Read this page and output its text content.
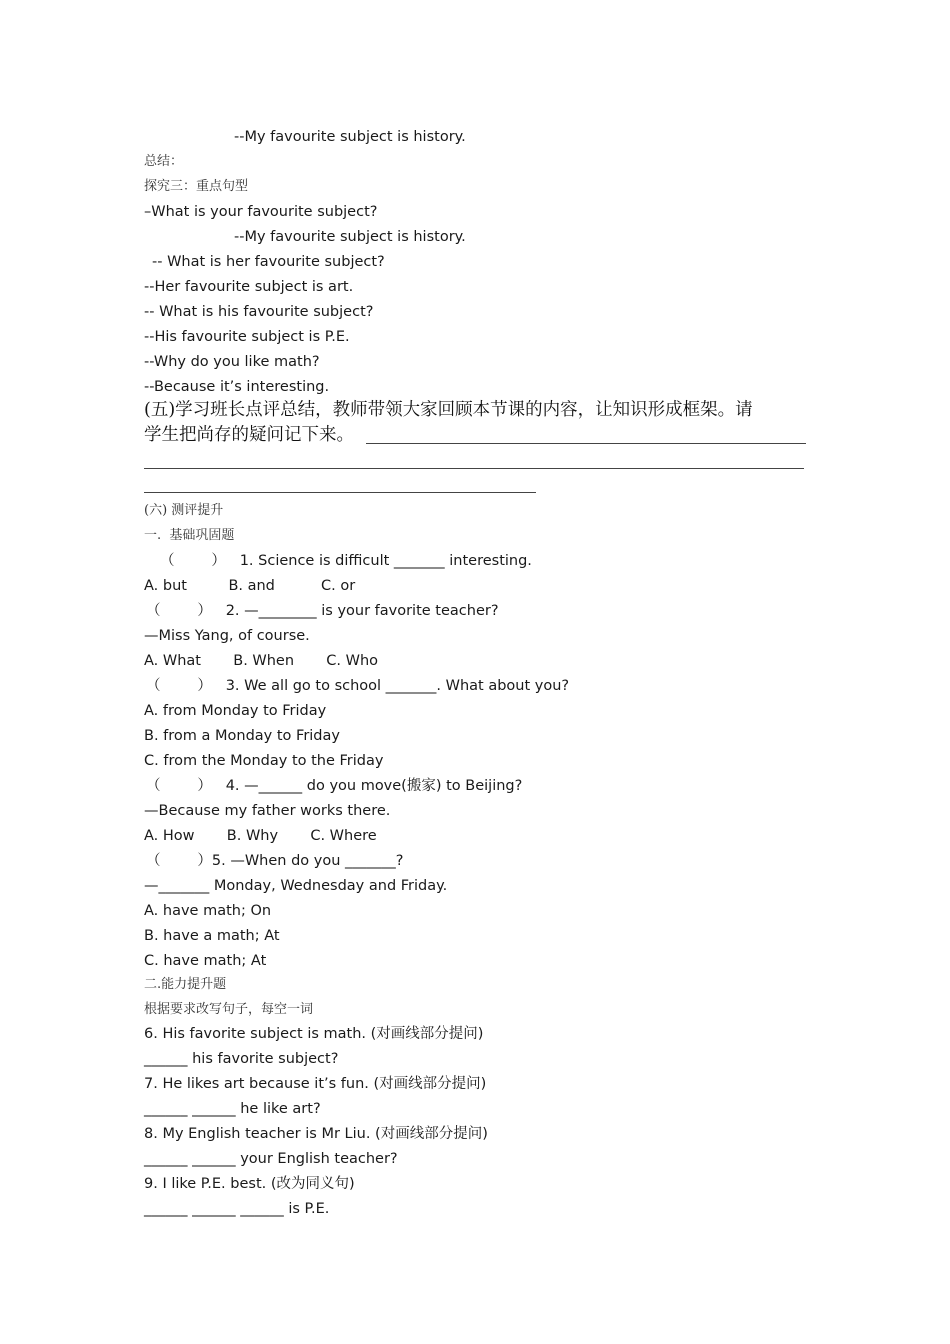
--My favourite subject is history.

总结：

探究三：重点句型

–What is your favourite subject?

--My favourite subject is history.

-- What is her favourite subject?

--Her favourite subject is art.

-- What is his favourite subject?

--His favourite subject is P.E.

--Why do you like math?

--Because it’s interesting.

(五)学习班长点评总结，教师带领大家回顾本节课的内容，让知识形成框架。请

学生把尚存的疑问记下来。

(六) 测评提升

一.  基础巩固题

（        ）   1. Science is difficult _______ interesting.

A. but         B. and          C. or

（        ）   2. —________ is your favorite teacher?

—Miss Yang, of course.

A. What       B. When       C. Who

（        ）   3. We all go to school _______. What about you?

A. from Monday to Friday

B. from a Monday to Friday

C. from the Monday to the Friday

（        ）   4. —______ do you move(搬家) to Beijing?

—Because my father works there.

A. How       B. Why       C. Where

（        ）5. —When do you _______?

—_______ Monday, Wednesday and Friday.

A. have math; On

B. have a math; At

C. have math; At

二.能力提升题

根据要求改写句子，每空一词

6. His favorite subject is math. (对画线部分提问)

______ his favorite subject?

7. He likes art because it’s fun. (对画线部分提问)

______ ______ he like art?

8. My English teacher is Mr Liu. (对画线部分提问)

______ ______ your English teacher?

9. I like P.E. best. (改为同义句)

______ ______ ______ is P.E.
